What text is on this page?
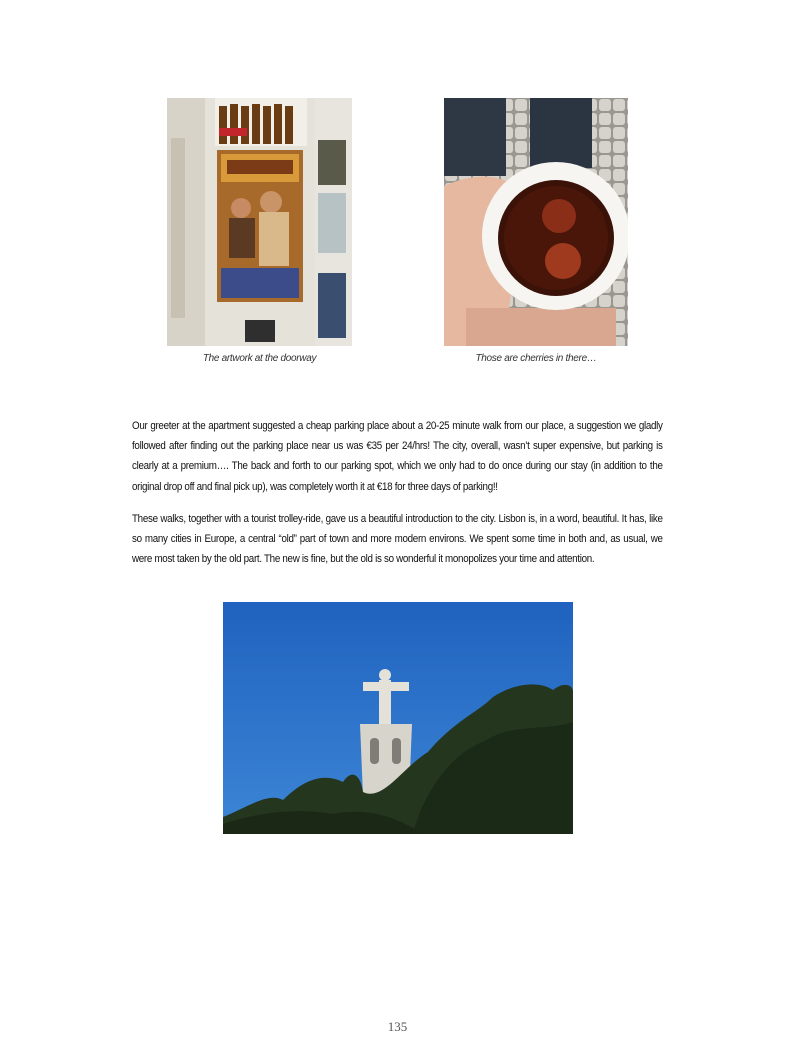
The artwork at the doorway	Those are cherries in there…

Our greeter at the apartment suggested a cheap parking place about a 20-25 minute walk from our place, a suggestion we gladly followed after finding out the parking place near us was €35 per 24/hrs! The city, overall, wasn’t super expensive, but parking is clearly at a premium…. The back and forth to our parking spot, which we only had to do once during our stay (in addition to the original drop off and final pick up), was completely worth it at €18 for three days of parking!!

These walks, together with a tourist trolley-ride, gave us a beautiful introduction to the city. Lisbon is, in a word, beautiful. It has, like so many cities in Europe, a central “old” part of town and more modern environs. We spent some time in both and, as usual, we were most taken by the old part. The new is fine, but the old is so wonderful it monopolizes your time and attention.

135
